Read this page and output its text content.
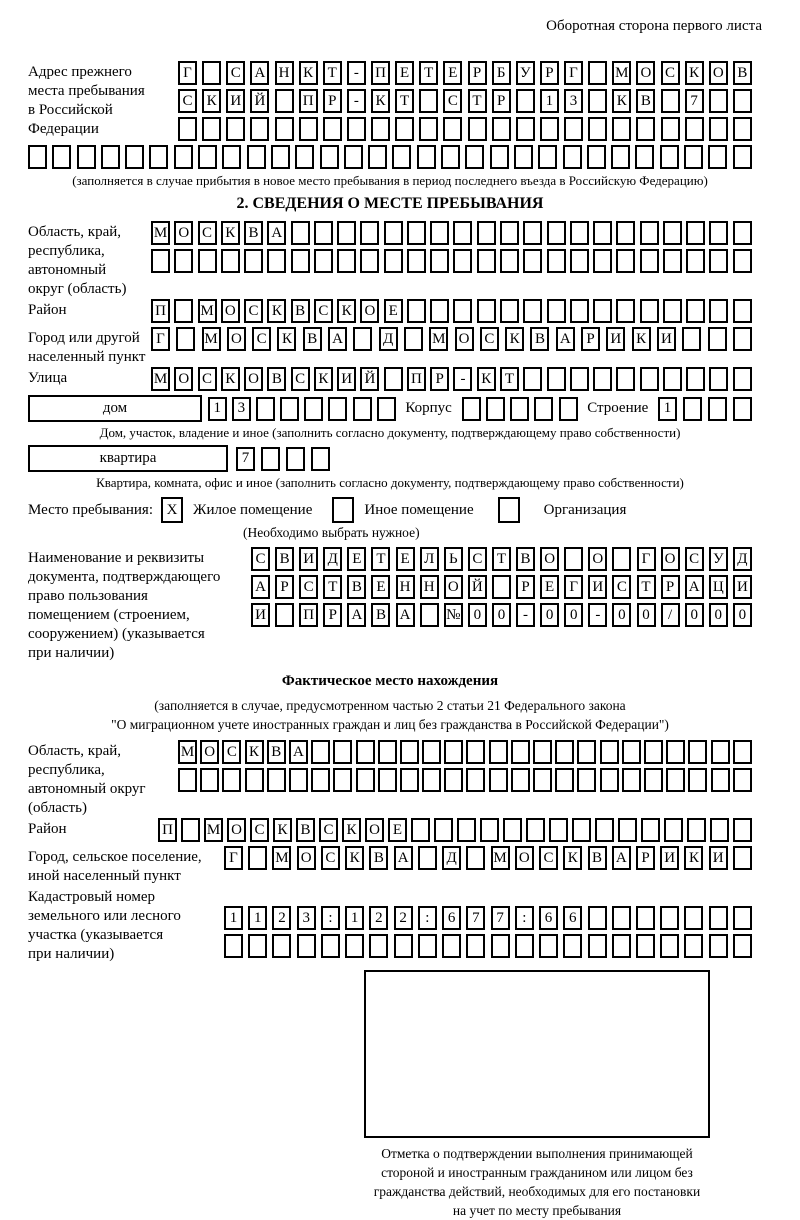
Оборотная сторона первого листа
Адрес прежнего
места пребывания
в Российской
Федерации
Г	С А Н К Т	-	П Е Т Е	Р	Б У Р	Г	М О С К О В
С К И Й П Р	-	К Т	С Т	Р	1	3	К В	7
(заполняется в случае прибытия в новое место пребывания в период последнего въезда в Российскую Федерацию)
2. СВЕДЕНИЯ О МЕСТЕ ПРЕБЫВАНИЯ
Область, край,
республика,
автономный
округ (область)
М О С К В А
Район	П М О С К В С К О Е
Город или другой
населенный пункт
Г	М О С	К	В А	Д	М О С	К	В А	Р	И К И
Улица	М О С К О В С К И Й П Р	-	К Т
дом	1	3	Корпус	Строение	1
Дом, участок, владение и иное (заполнить согласно документу, подтверждающему право собственности)
квартира	7
Квартира, комната, офис и иное (заполнить согласно документу, подтверждающему право собственности)
Место пребывания: X	Жилое помещение	Иное помещение	Организация
(Необходимо выбрать нужное)
Наименование и реквизиты
документа, подтверждающего
право пользования
помещением (строением,
сооружением) (указывается
при наличии)
С В И Д Е Т Е Л Ь С Т В О О	Г О С У Д
А Р С Т В Е Н Н О Й	Р	Е	Г И С Т	Р А Ц И
И П Р А В А № 0	0	-	0	0	-	0	0	/	0	0	0
Фактическое место нахождения
(заполняется в случае, предусмотренном частью 2 статьи 21 Федерального закона
"О миграционном учете иностранных граждан и лиц без гражданства в Российской Федерации")
Область, край,
республика,
автономный округ
(область)
М О С К В А
Район	П М О С К В С К О Е
Город, сельское поселение,
иной населенный пункт
Г	М О С К В А	Д М О С К В А Р И К И
Кадастровый номер
земельного или лесного
участка (указывается
при наличии)
1	1	2	3	:	1	2	2	:	6	7	7	:	6	6
Отметка о подтверждении выполнения принимающей
стороной и иностранным гражданином или лицом без
гражданства действий, необходимых для его постановки
на учет по месту пребывания
